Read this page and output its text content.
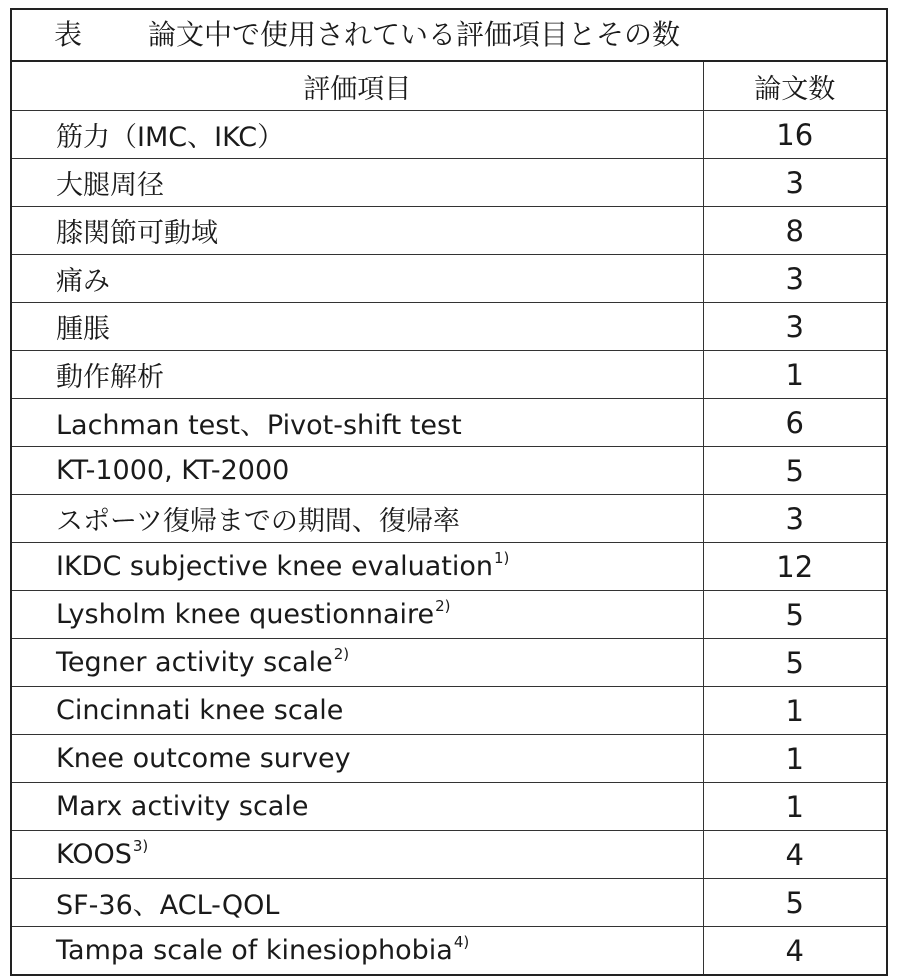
表 論文中で使用されている評価項目とその数
評価項目	論文数
筋力（IMC、IKC）	16
大腿周径	3
膝関節可動域	8
痛み	3
腫脹	3
動作解析	1
Lachman test、Pivot-shift test	6
KT-1000, KT-2000	5
スポーツ復帰までの期間、復帰率	3
IKDC subjective knee evaluation$^{1)}$	12
Lysholm knee questionnaire$^{2)}$	5
Tegner activity scale$^{2)}$	5
Cincinnati knee scale	1
Knee outcome survey	1
Marx activity scale	1
KOOS$^{3)}$	4
SF-36、ACL-QOL	5
Tampa scale of kinesiophobia$^{4)}$	4
